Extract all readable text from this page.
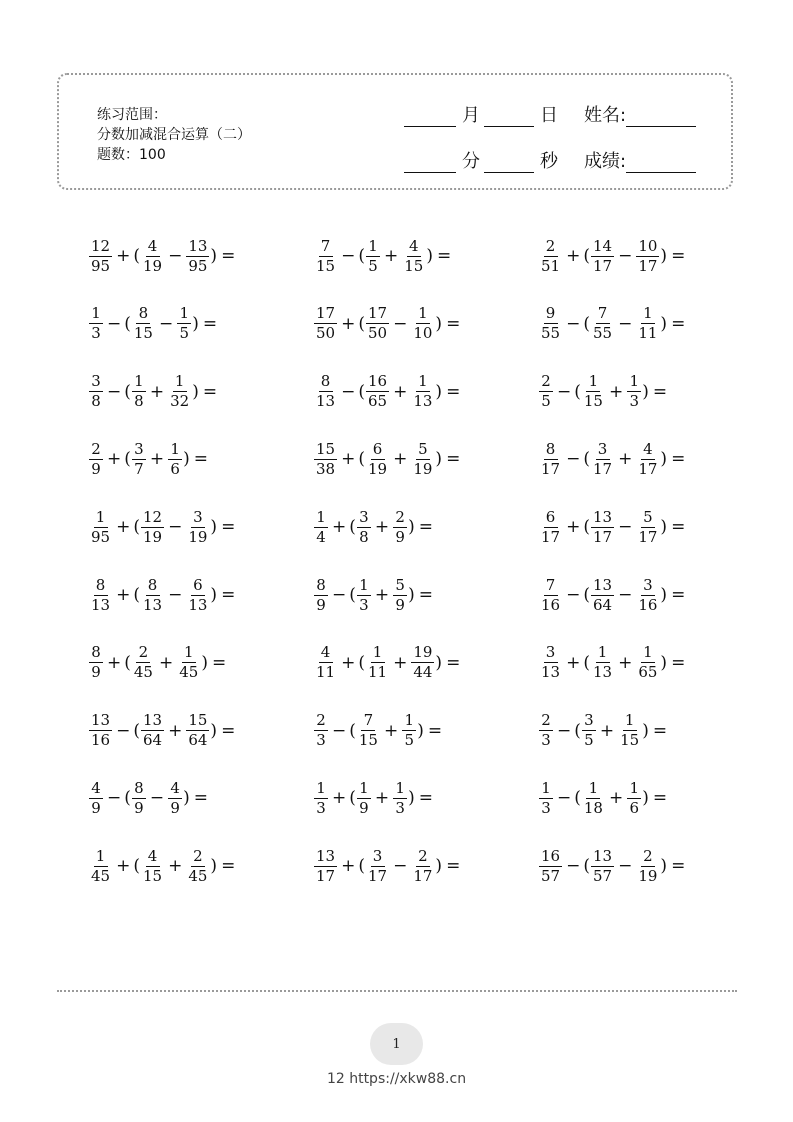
练习范围：
分数加减混合运算（二）
题数：100
月	日 姓名:
分	秒 成绩:
$\frac{12}{95}$ + ( $\frac{4}{19} - \frac{13}{95}$ ) =	$\frac{7}{15}$ − ( $\frac{1}{5} + \frac{4}{15}$ ) =	$\frac{2}{51}$ + ( $\frac{14}{17} - \frac{10}{17}$ ) =
$\frac{1}{3}$ − ( $\frac{8}{15} - \frac{1}{5}$ ) =	$\frac{17}{50}$ + ( $\frac{17}{50} - \frac{1}{10}$ ) =	$\frac{9}{55}$ − ( $\frac{7}{55} - \frac{1}{11}$ ) =
$\frac{3}{8}$ − ( $\frac{1}{8} + \frac{1}{32}$ ) =	$\frac{8}{13}$ − ( $\frac{16}{65} + \frac{1}{13}$ ) =	$\frac{2}{5}$ − ( $\frac{1}{15} + \frac{1}{3}$ ) =
$\frac{2}{9}$ + ( $\frac{3}{7} + \frac{1}{6}$ ) =	$\frac{15}{38}$ + ( $\frac{6}{19} + \frac{5}{19}$ ) =	$\frac{8}{17}$ − ( $\frac{3}{17} + \frac{4}{17}$ ) =
$\frac{1}{95}$ + ( $\frac{12}{19} - \frac{3}{19}$ ) =	$\frac{1}{4}$ + ( $\frac{3}{8} + \frac{2}{9}$ ) =	$\frac{6}{17}$ + ( $\frac{13}{17} - \frac{5}{17}$ ) =
$\frac{8}{13}$ + ( $\frac{8}{13} - \frac{6}{13}$ ) =	$\frac{8}{9}$ − ( $\frac{1}{3} + \frac{5}{9}$ ) =	$\frac{7}{16}$ − ( $\frac{13}{64} - \frac{3}{16}$ ) =
$\frac{8}{9}$ + ( $\frac{2}{45} + \frac{1}{45}$ ) =	$\frac{4}{11}$ + ( $\frac{1}{11} + \frac{19}{44}$ ) =	$\frac{3}{13}$ + ( $\frac{1}{13} + \frac{1}{65}$ ) =
$\frac{13}{16}$ − ( $\frac{13}{64} + \frac{15}{64}$ ) =	$\frac{2}{3}$ − ( $\frac{7}{15} + \frac{1}{5}$ ) =	$\frac{2}{3}$ − ( $\frac{3}{5} + \frac{1}{15}$ ) =
$\frac{4}{9}$ − ( $\frac{8}{9} - \frac{4}{9}$ ) =	$\frac{1}{3}$ + ( $\frac{1}{9} + \frac{1}{3}$ ) =	$\frac{1}{3}$ − ( $\frac{1}{18} + \frac{1}{6}$ ) =
$\frac{1}{45}$ + ( $\frac{4}{15} + \frac{2}{45}$ ) =	$\frac{13}{17}$ + ( $\frac{3}{17} - \frac{2}{17}$ ) =	$\frac{16}{57}$ − ( $\frac{13}{57} - \frac{2}{19}$ ) =
1
12 https://xkw88.cn
